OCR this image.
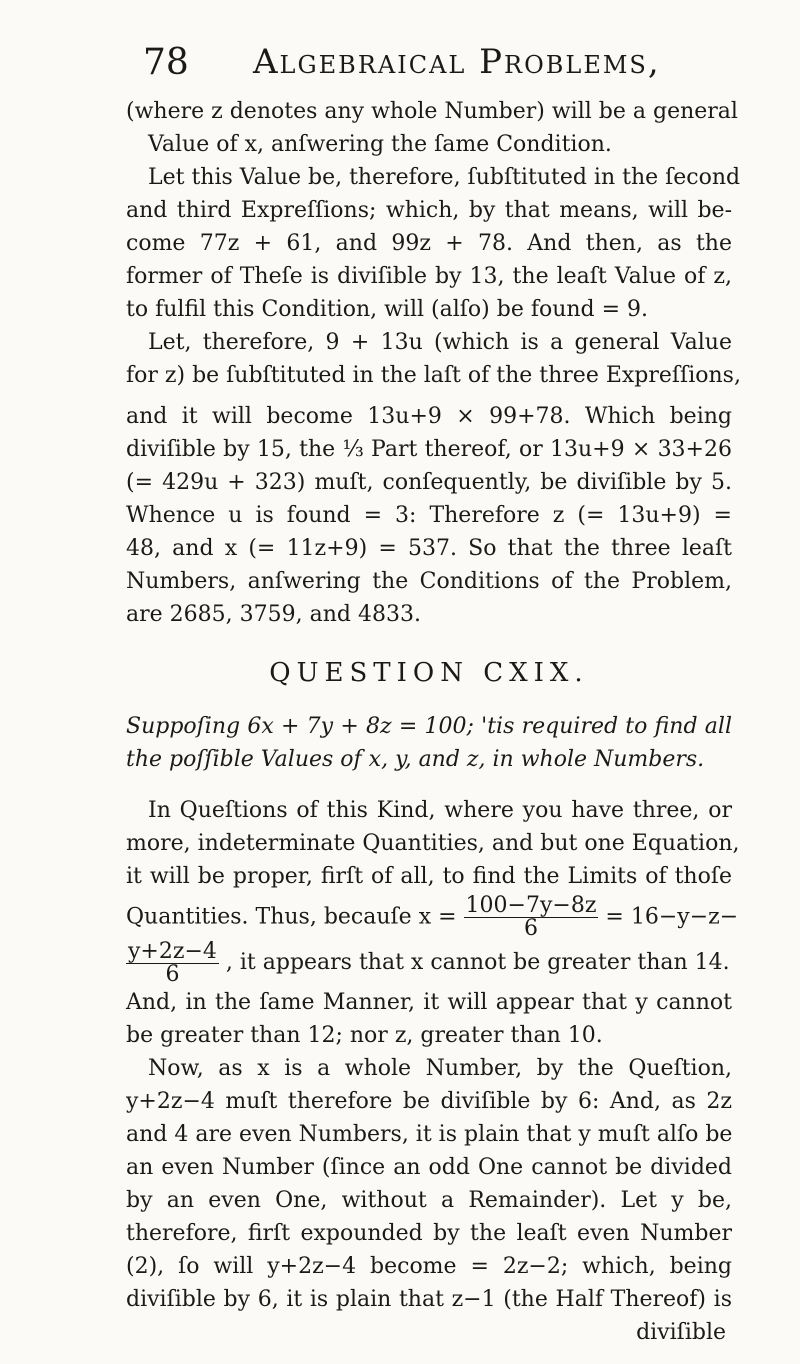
78 Algebraical Problems,

(where z denotes any whole Number) will be a general
Value of x, anſwering the ſame Condition.

Let this Value be, therefore, ſubſtituted in the ſecond
and third Expreſſions; which, by that means, will be-
come 77z + 61, and 99z + 78. And then, as the
former of Theſe is diviſible by 13, the leaſt Value of z,
to fulfil this Condition, will (alſo) be found = 9.

Let, therefore, 9 + 13u (which is a general Value
for z) be ſubſtituted in the laſt of the three Expreſſions,
and it will become 13u+9 × 99+78. Which being
diviſible by 15, the ⅓ Part thereof, or 13u+9 × 33+26
(= 429u + 323) muſt, conſequently, be diviſible by 5.
Whence u is found = 3: Therefore z (= 13u+9) =
48, and x (= 11z+9) = 537. So that the three leaſt
Numbers, anſwering the Conditions of the Problem,
are 2685, 3759, and 4833.

QUESTION CXIX.

Suppoſing 6x + 7y + 8z = 100; 'tis required to find all
the poſſible Values of x, y, and z, in whole Numbers.

In Queſtions of this Kind, where you have three, or
more, indeterminate Quantities, and but one Equation,
it will be proper, firſt of all, to find the Limits of thoſe

Quantities. Thus, becauſe $x = \frac{100-7y-8z}{6} = 16-y-z-$
$\frac{y+2z-4}{6}$ , it appears that x cannot be greater than 14.

And, in the ſame Manner, it will appear that y cannot
be greater than 12; nor z, greater than 10.

Now, as x is a whole Number, by the Queſtion,
y+2z−4 muſt therefore be diviſible by 6: And, as 2z
and 4 are even Numbers, it is plain that y muſt alſo be
an even Number (ſince an odd One cannot be divided
by an even One, without a Remainder). Let y be,
therefore, firſt expounded by the leaſt even Number
(2), ſo will y+2z−4 become = 2z−2; which, being
diviſible by 6, it is plain that z−1 (the Half Thereof) is

diviſible
